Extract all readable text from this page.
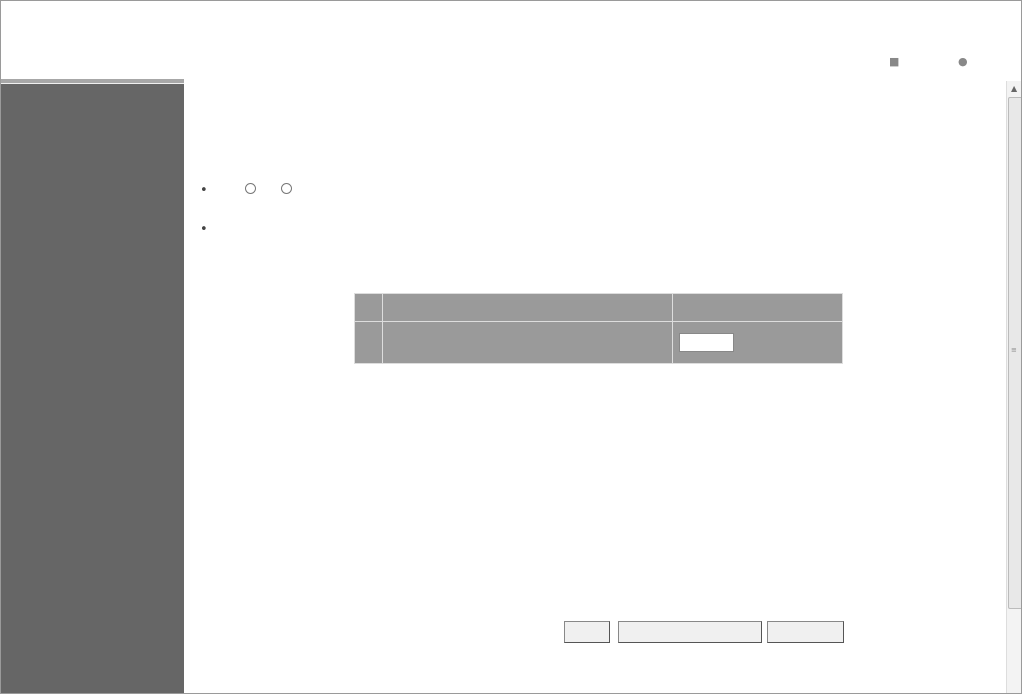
■	●
•

•

▲
≡
